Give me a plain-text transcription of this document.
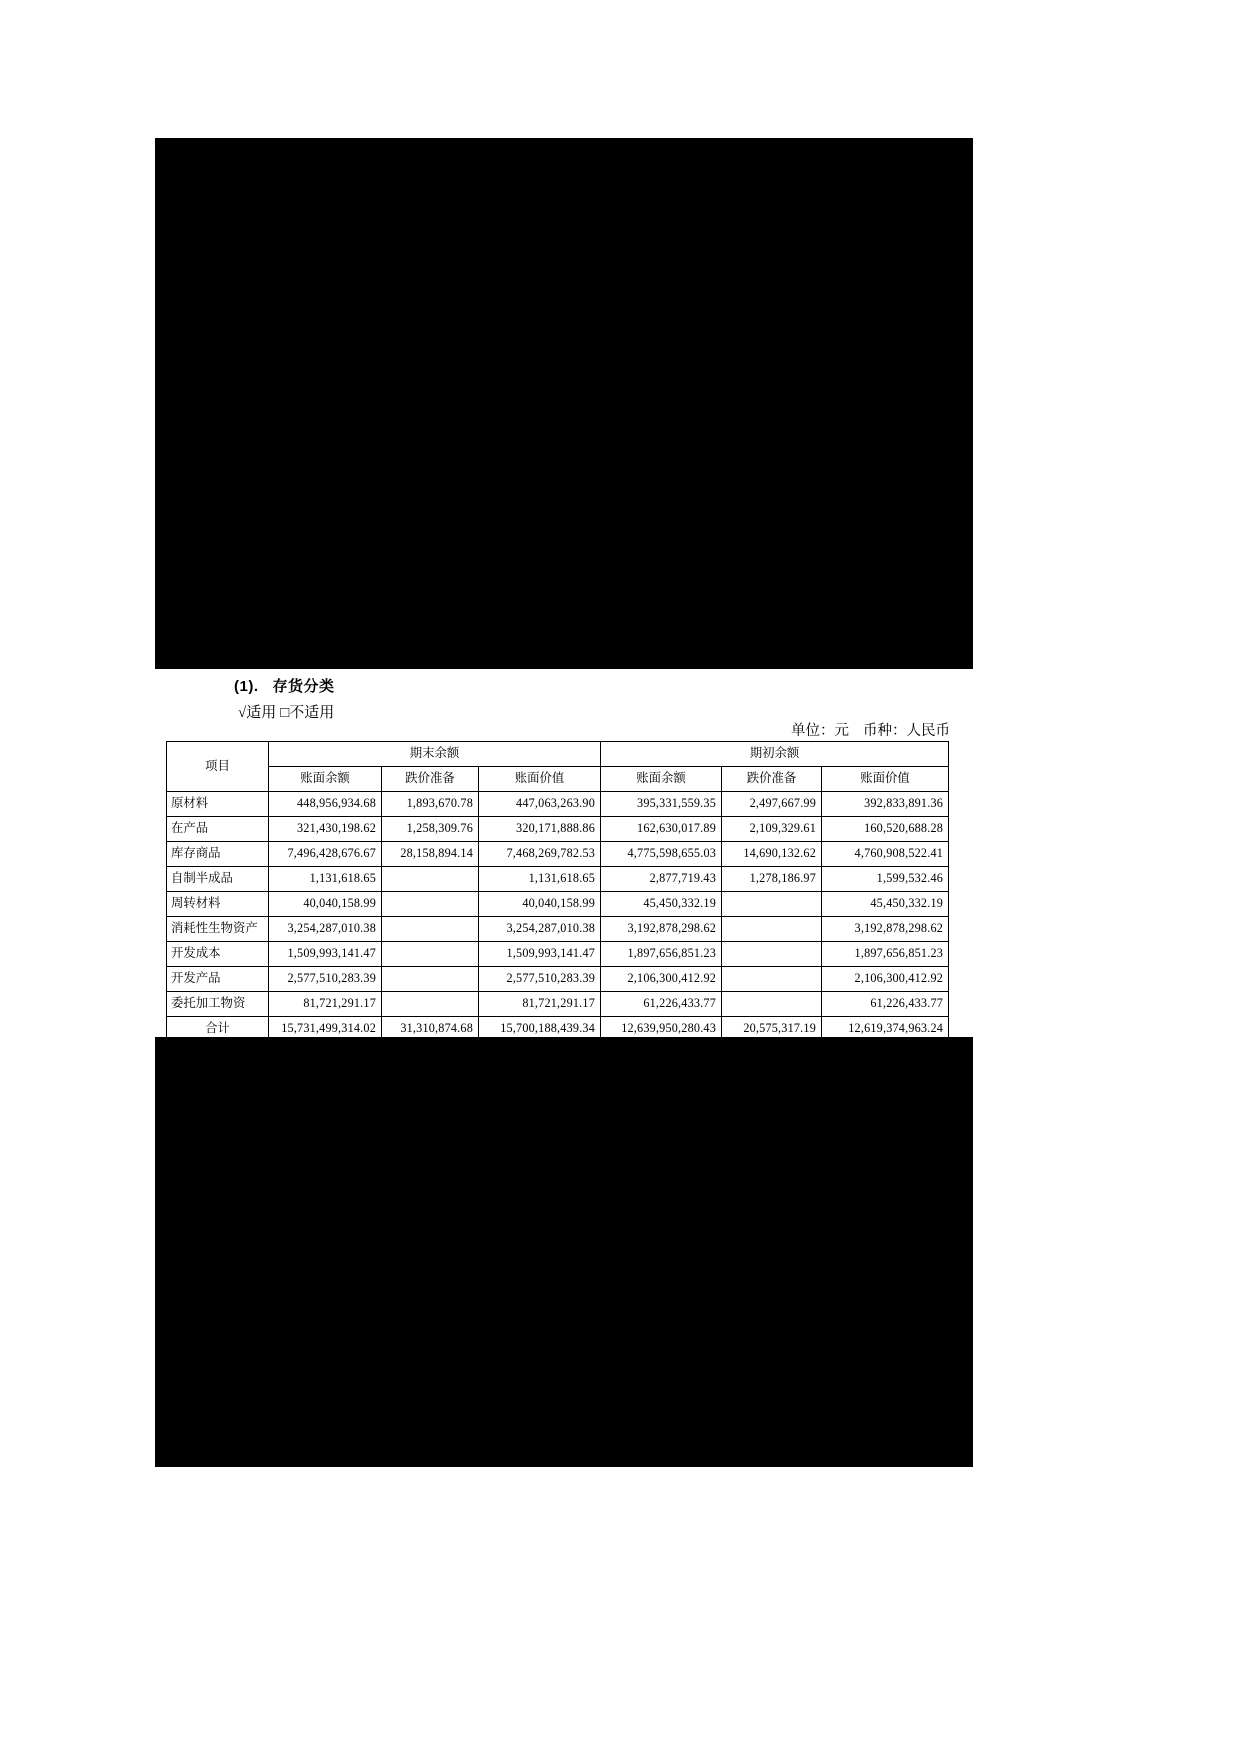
(1). 存货分类
√适用 □不适用
单位：元 币种：人民币
项目	期末余额			期初余额		
	账面余额	跌价准备	账面价值	账面余额	跌价准备	账面价值
原材料	448,956,934.68	1,893,670.78	447,063,263.90	395,331,559.35	2,497,667.99	392,833,891.36
在产品	321,430,198.62	1,258,309.76	320,171,888.86	162,630,017.89	2,109,329.61	160,520,688.28
库存商品	7,496,428,676.67	28,158,894.14	7,468,269,782.53	4,775,598,655.03	14,690,132.62	4,760,908,522.41
自制半成品	1,131,618.65		1,131,618.65	2,877,719.43	1,278,186.97	1,599,532.46
周转材料	40,040,158.99		40,040,158.99	45,450,332.19		45,450,332.19
消耗性生物资产	3,254,287,010.38		3,254,287,010.38	3,192,878,298.62		3,192,878,298.62
开发成本	1,509,993,141.47		1,509,993,141.47	1,897,656,851.23		1,897,656,851.23
开发产品	2,577,510,283.39		2,577,510,283.39	2,106,300,412.92		2,106,300,412.92
委托加工物资	81,721,291.17		81,721,291.17	61,226,433.77		61,226,433.77
合计	15,731,499,314.02	31,310,874.68	15,700,188,439.34	12,639,950,280.43	20,575,317.19	12,619,374,963.24
